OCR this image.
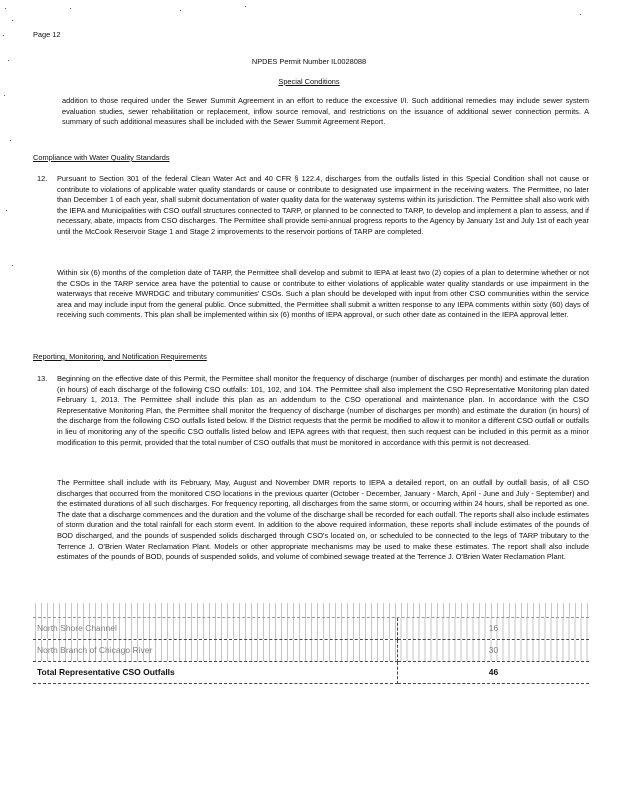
Page 12
NPDES Permit Number IL0028088
Special Conditions
addition to those required under the Sewer Summit Agreement in an effort to reduce the excessive I/I. Such additional remedies may include sewer system evaluation studies, sewer rehabilitation or replacement, inflow source removal, and restrictions on the issuance of additional sewer connection permits. A summary of such additional measures shall be included with the Sewer Summit Agreement Report.
Compliance with Water Quality Standards
12. Pursuant to Section 301 of the federal Clean Water Act and 40 CFR § 122.4, discharges from the outfalls listed in this Special Condition shall not cause or contribute to violations of applicable water quality standards or cause or contribute to designated use impairment in the receiving waters. The Permittee, no later than December 1 of each year, shall submit documentation of water quality data for the waterway systems within its jurisdiction. The Permittee shall also work with the IEPA and Municipalities with CSO outfall structures connected to TARP, or planned to be connected to TARP, to develop and implement a plan to assess, and if necessary, abate, impacts from CSO discharges. The Permittee shall provide semi-annual progress reports to the Agency by January 1st and July 1st of each year until the McCook Reservoir Stage 1 and Stage 2 improvements to the reservoir portions of TARP are completed.
Within six (6) months of the completion date of TARP, the Permittee shall develop and submit to IEPA at least two (2) copies of a plan to determine whether or not the CSOs in the TARP service area have the potential to cause or contribute to either violations of applicable water quality standards or use impairment in the waterways that receive MWRDGC and tributary communities' CSOs. Such a plan should be developed with input from other CSO communities within the service area and may include input from the general public. Once submitted, the Permittee shall submit a written response to any IEPA comments within sixty (60) days of receiving such comments. This plan shall be implemented within six (6) months of IEPA approval, or such other date as contained in the IEPA approval letter.
Reporting, Monitoring, and Notification Requirements
13. Beginning on the effective date of this Permit, the Permittee shall monitor the frequency of discharge (number of discharges per month) and estimate the duration (in hours) of each discharge of the following CSO outfalls: 101, 102, and 104. The Permittee shall also implement the CSO Representative Monitoring plan dated February 1, 2013. The Permittee shall include this plan as an addendum to the CSO operational and maintenance plan. In accordance with the CSO Representative Monitoring Plan, the Permittee shall monitor the frequency of discharge (number of discharges per month) and estimate the duration (in hours) of the discharge from the following CSO outfalls listed below. If the District requests that the permit be modified to allow it to monitor a different CSO outfall or outfalls in lieu of monitoring any of the specific CSO outfalls listed below and IEPA agrees with that request, then such request can be included in this permit as a minor modification to this permit, provided that the total number of CSO outfalls that must be monitored in accordance with this permit is not decreased.
The Permittee shall include with its February, May, August and November DMR reports to IEPA a detailed report, on an outfall by outfall basis, of all CSO discharges that occurred from the monitored CSO locations in the previous quarter (October - December, January - March, April - June and July - September) and the estimated durations of all such discharges. For frequency reporting, all discharges from the same storm, or occurring within 24 hours, shall be reported as one. The date that a discharge commences and the duration and the volume of the discharge shall be recorded for each outfall. The reports shall also include estimates of storm duration and the total rainfall for each storm event. In addition to the above required information, these reports shall include estimates of the pounds of BOD discharged, and the pounds of suspended solids discharged through CSO's located on, or scheduled to be connected to the legs of TARP tributary to the Terrence J. O'Brien Water Reclamation Plant. Models or other appropriate mechanisms may be used to make these estimates. The report shall also include estimates of the pounds of BOD, pounds of suspended solids, and volume of combined sewage treated at the Terrence J. O'Brien Water Reclamation Plant.
North Shore Channel	16
North Branch of Chicago River	30
Total Representative CSO Outfalls	46
